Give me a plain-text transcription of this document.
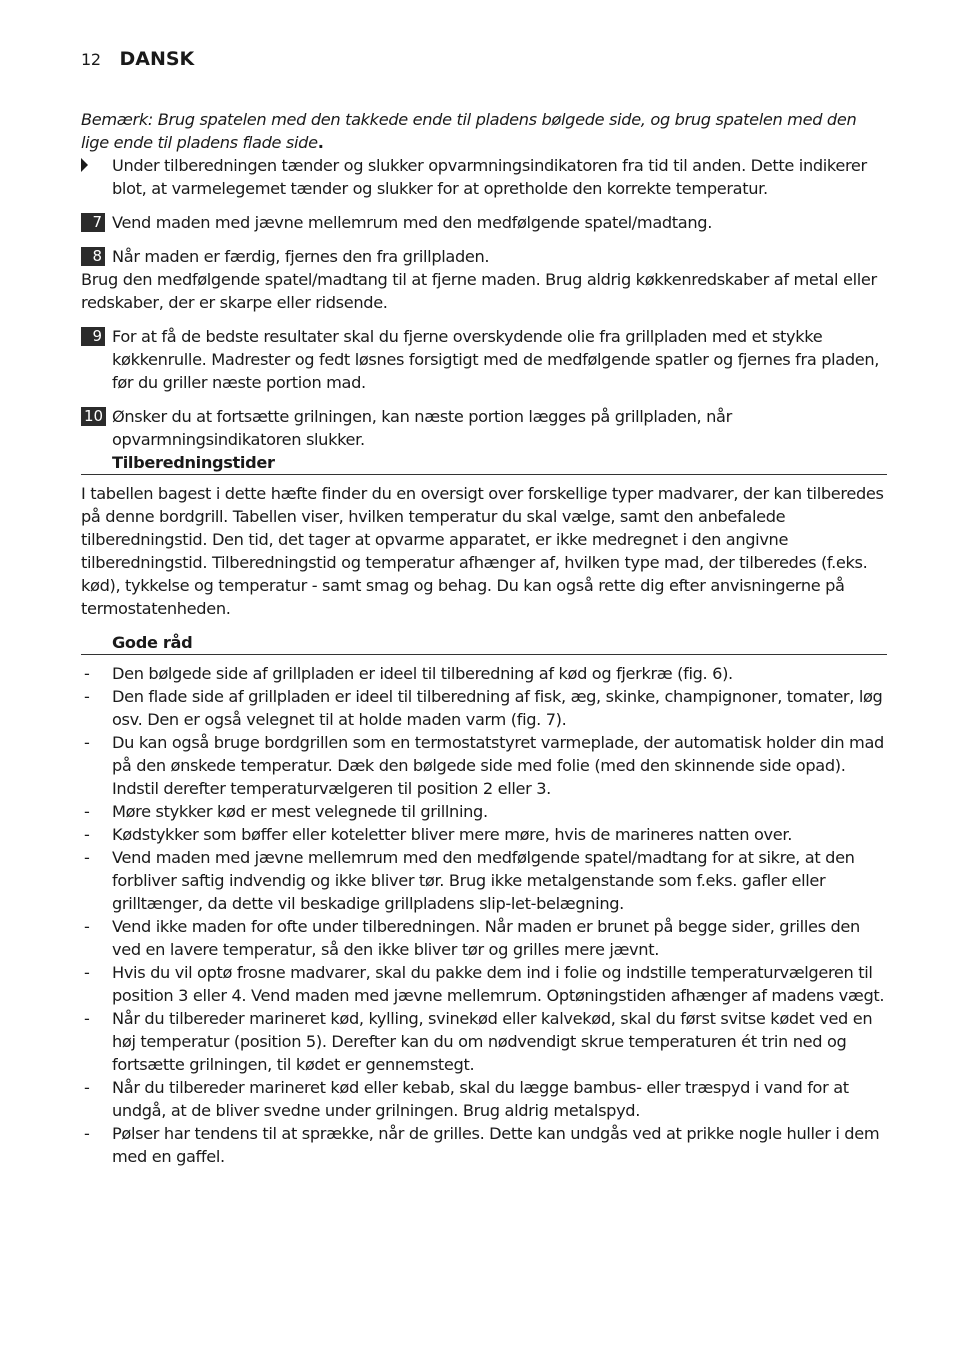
12 DANSK

Bemærk: Brug spatelen med den takkede ende til pladens bølgede side, og brug spatelen med den lige ende til pladens flade side.

Under tilberedningen tænder og slukker opvarmningsindikatoren fra tid til anden. Dette indikerer blot, at varmelegemet tænder og slukker for at opretholde den korrekte temperatur.

7 Vend maden med jævne mellemrum med den medfølgende spatel/madtang.

8 Når maden er færdig, fjernes den fra grillpladen.

Brug den medfølgende spatel/madtang til at fjerne maden. Brug aldrig køkkenredskaber af metal eller redskaber, der er skarpe eller ridsende.

9 For at få de bedste resultater skal du fjerne overskydende olie fra grillpladen med et stykke køkkenrulle. Madrester og fedt løsnes forsigtigt med de medfølgende spatler og fjernes fra pladen, før du griller næste portion mad.

10 Ønsker du at fortsætte grilningen, kan næste portion lægges på grillpladen, når opvarmningsindikatoren slukker.

Tilberedningstider

I tabellen bagest i dette hæfte finder du en oversigt over forskellige typer madvarer, der kan tilberedes på denne bordgrill. Tabellen viser, hvilken temperatur du skal vælge, samt den anbefalede tilberedningstid. Den tid, det tager at opvarme apparatet, er ikke medregnet i den angivne tilberedningstid. Tilberedningstid og temperatur afhænger af, hvilken type mad, der tilberedes (f.eks. kød), tykkelse og temperatur - samt smag og behag. Du kan også rette dig efter anvisningerne på termostatenheden.

Gode råd
- Den bølgede side af grillpladen er ideel til tilberedning af kød og fjerkræ (fig. 6).
- Den flade side af grillpladen er ideel til tilberedning af fisk, æg, skinke, champignoner, tomater, løg osv. Den er også velegnet til at holde maden varm (fig. 7).
- Du kan også bruge bordgrillen som en termostatstyret varmeplade, der automatisk holder din mad på den ønskede temperatur. Dæk den bølgede side med folie (med den skinnende side opad). Indstil derefter temperaturvælgeren til position 2 eller 3.
- Møre stykker kød er mest velegnede til grillning.
- Kødstykker som bøffer eller koteletter bliver mere møre, hvis de marineres natten over.
- Vend maden med jævne mellemrum med den medfølgende spatel/madtang for at sikre, at den forbliver saftig indvendig og ikke bliver tør. Brug ikke metalgenstande som f.eks. gafler eller grilltænger, da dette vil beskadige grillpladens slip-let-belægning.
- Vend ikke maden for ofte under tilberedningen. Når maden er brunet på begge sider, grilles den ved en lavere temperatur, så den ikke bliver tør og grilles mere jævnt.
- Hvis du vil optø frosne madvarer, skal du pakke dem ind i folie og indstille temperaturvælgeren til position 3 eller 4. Vend maden med jævne mellemrum. Optøningstiden afhænger af madens vægt.
- Når du tilbereder marineret kød, kylling, svinekød eller kalvekød, skal du først svitse kødet ved en høj temperatur (position 5). Derefter kan du om nødvendigt skrue temperaturen ét trin ned og fortsætte grilningen, til kødet er gennemstegt.
- Når du tilbereder marineret kød eller kebab, skal du lægge bambus- eller træspyd i vand for at undgå, at de bliver svedne under grilningen. Brug aldrig metalspyd.
- Pølser har tendens til at sprække, når de grilles. Dette kan undgås ved at prikke nogle huller i dem med en gaffel.
